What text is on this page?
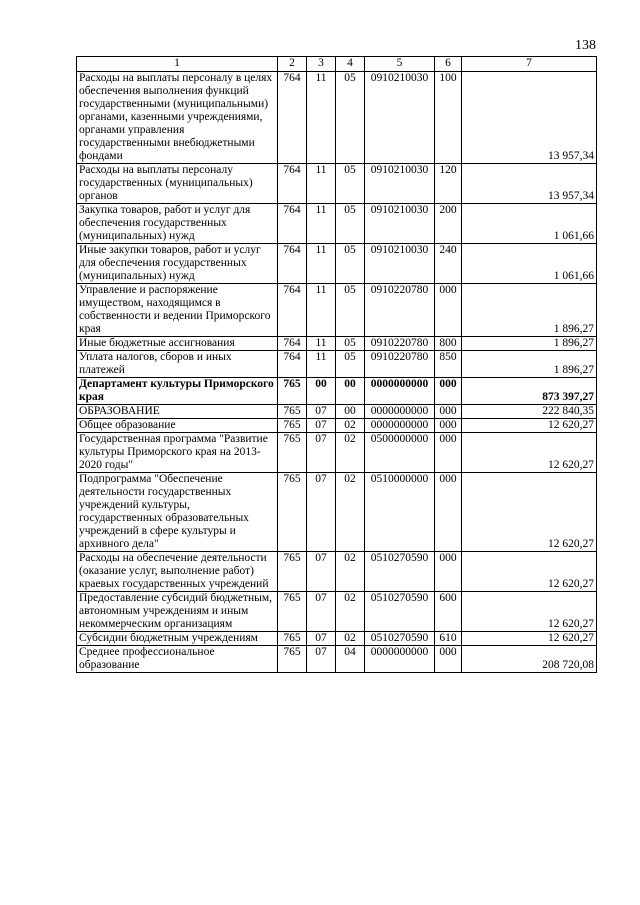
138
1	2	3	4	5	6	7
Расходы на выплаты персоналу в целях обеспечения выполнения функций государственными (муниципальными) органами, казенными учреждениями, органами управления государственными внебюджетными фондами	764	11	05	0910210030	100	13 957,34
Расходы на выплаты персоналу государственных (муниципальных) органов	764	11	05	0910210030	120	13 957,34
Закупка товаров, работ и услуг для обеспечения государственных (муниципальных) нужд	764	11	05	0910210030	200	1 061,66
Иные закупки товаров, работ и услуг для обеспечения государственных (муниципальных) нужд	764	11	05	0910210030	240	1 061,66
Управление и распоряжение имуществом, находящимся в собственности и ведении Приморского края	764	11	05	0910220780	000	1 896,27
Иные бюджетные ассигнования	764	11	05	0910220780	800	1 896,27
Уплата налогов, сборов и иных платежей	764	11	05	0910220780	850	1 896,27
Департамент культуры Приморского края	765	00	00	0000000000	000	873 397,27
ОБРАЗОВАНИЕ	765	07	00	0000000000	000	222 840,35
Общее образование	765	07	02	0000000000	000	12 620,27
Государственная программа "Развитие культуры Приморского края на 2013-2020 годы"	765	07	02	0500000000	000	12 620,27
Подпрограмма "Обеспечение деятельности государственных учреждений культуры, государственных образовательных учреждений в сфере культуры и архивного дела"	765	07	02	0510000000	000	12 620,27
Расходы на обеспечение деятельности (оказание услуг, выполнение работ) краевых государственных учреждений	765	07	02	0510270590	000	12 620,27
Предоставление субсидий бюджетным, автономным учреждениям и иным некоммерческим организациям	765	07	02	0510270590	600	12 620,27
Субсидии бюджетным учреждениям	765	07	02	0510270590	610	12 620,27
Среднее профессиональное образование	765	07	04	0000000000	000	208 720,08
